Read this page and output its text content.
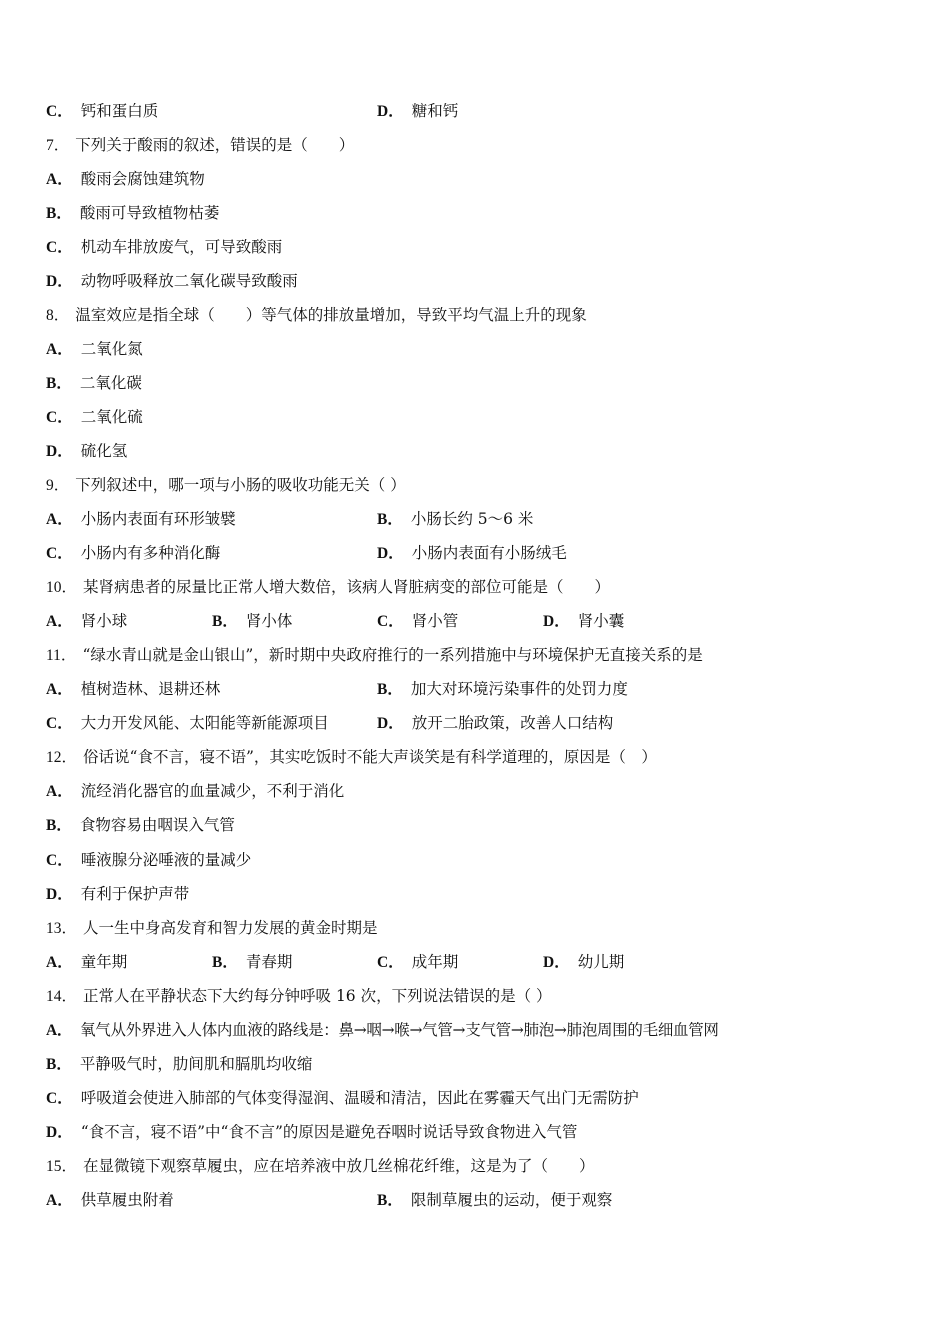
C． 钙和蛋白质	D． 糖和钙
7． 下列关于酸雨的叙述，错误的是（　　）
A． 酸雨会腐蚀建筑物
B． 酸雨可导致植物枯萎
C． 机动车排放废气，可导致酸雨
D． 动物呼吸释放二氧化碳导致酸雨
8． 温室效应是指全球（　　）等气体的排放量增加，导致平均气温上升的现象
A． 二氧化氮
B． 二氧化碳
C． 二氧化硫
D． 硫化氢
9． 下列叙述中，哪一项与小肠的吸收功能无关（ ）
A． 小肠内表面有环形皱襞	B． 小肠长约 5～6 米
C． 小肠内有多种消化酶	D． 小肠内表面有小肠绒毛
10． 某肾病患者的尿量比正常人增大数倍，该病人肾脏病变的部位可能是（　　）
A． 肾小球	B． 肾小体	C． 肾小管	D． 肾小囊
11． “绿水青山就是金山银山”，新时期中央政府推行的一系列措施中与环境保护无直接关系的是
A． 植树造林、退耕还林	B． 加大对环境污染事件的处罚力度
C． 大力开发风能、太阳能等新能源项目	D． 放开二胎政策，改善人口结构
12． 俗话说“食不言，寝不语”，其实吃饭时不能大声谈笑是有科学道理的，原因是（　）
A． 流经消化器官的血量减少，不利于消化
B． 食物容易由咽误入气管
C． 唾液腺分泌唾液的量减少
D． 有利于保护声带
13． 人一生中身高发育和智力发展的黄金时期是
A． 童年期	B． 青春期	C． 成年期	D． 幼儿期
14． 正常人在平静状态下大约每分钟呼吸 16 次，下列说法错误的是（ ）
A． 氧气从外界进入人体内血液的路线是：鼻→咽→喉→气管→支气管→肺泡→肺泡周围的毛细血管网
B． 平静吸气时，肋间肌和膈肌均收缩
C． 呼吸道会使进入肺部的气体变得湿润、温暖和清洁，因此在雾霾天气出门无需防护
D． “食不言，寝不语”中“食不言”的原因是避免吞咽时说话导致食物进入气管
15． 在显微镜下观察草履虫，应在培养液中放几丝棉花纤维，这是为了（　　）
A． 供草履虫附着	B． 限制草履虫的运动，便于观察
